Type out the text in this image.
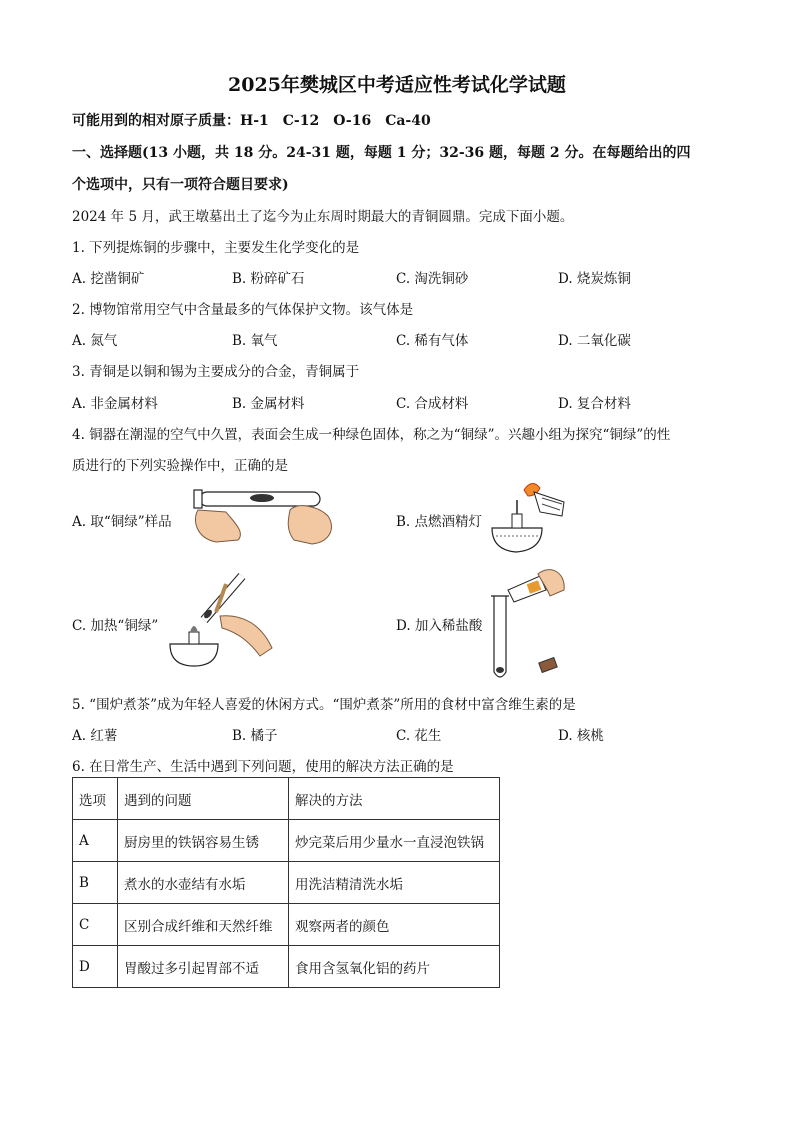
2025年樊城区中考适应性考试化学试题
可能用到的相对原子质量：H-1　C-12　O-16　Ca-40
一、选择题(13 小题，共 18 分。24-31 题，每题 1 分；32-36 题，每题 2 分。在每题给出的四
个选项中，只有一项符合题目要求)
2024 年 5 月，武王墩墓出土了迄今为止东周时期最大的青铜圆鼎。完成下面小题。
1. 下列提炼铜的步骤中，主要发生化学变化的是
A. 挖凿铜矿	B. 粉碎矿石	C. 淘洗铜砂	D. 烧炭炼铜
2. 博物馆常用空气中含量最多的气体保护文物。该气体是
A. 氮气	B. 氧气	C. 稀有气体	D. 二氧化碳
3. 青铜是以铜和锡为主要成分的合金，青铜属于
A. 非金属材料	B. 金属材料	C. 合成材料	D. 复合材料
4. 铜器在潮湿的空气中久置，表面会生成一种绿色固体，称之为“铜绿”。兴趣小组为探究“铜绿”的性
质进行的下列实验操作中，正确的是
A. 取“铜绿”样品	B. 点燃酒精灯
C. 加热“铜绿”	D. 加入稀盐酸
5. “围炉煮茶”成为年轻人喜爱的休闲方式。“围炉煮茶”所用的食材中富含维生素的是
A. 红薯	B. 橘子	C. 花生	D. 核桃
6. 在日常生产、生活中遇到下列问题，使用的解决方法正确的是
选项	遇到的问题	解决的方法
A	厨房里的铁锅容易生锈	炒完菜后用少量水一直浸泡铁锅
B	煮水的水壶结有水垢	用洗洁精清洗水垢
C	区别合成纤维和天然纤维	观察两者的颜色
D	胃酸过多引起胃部不适	食用含氢氧化铝的药片
